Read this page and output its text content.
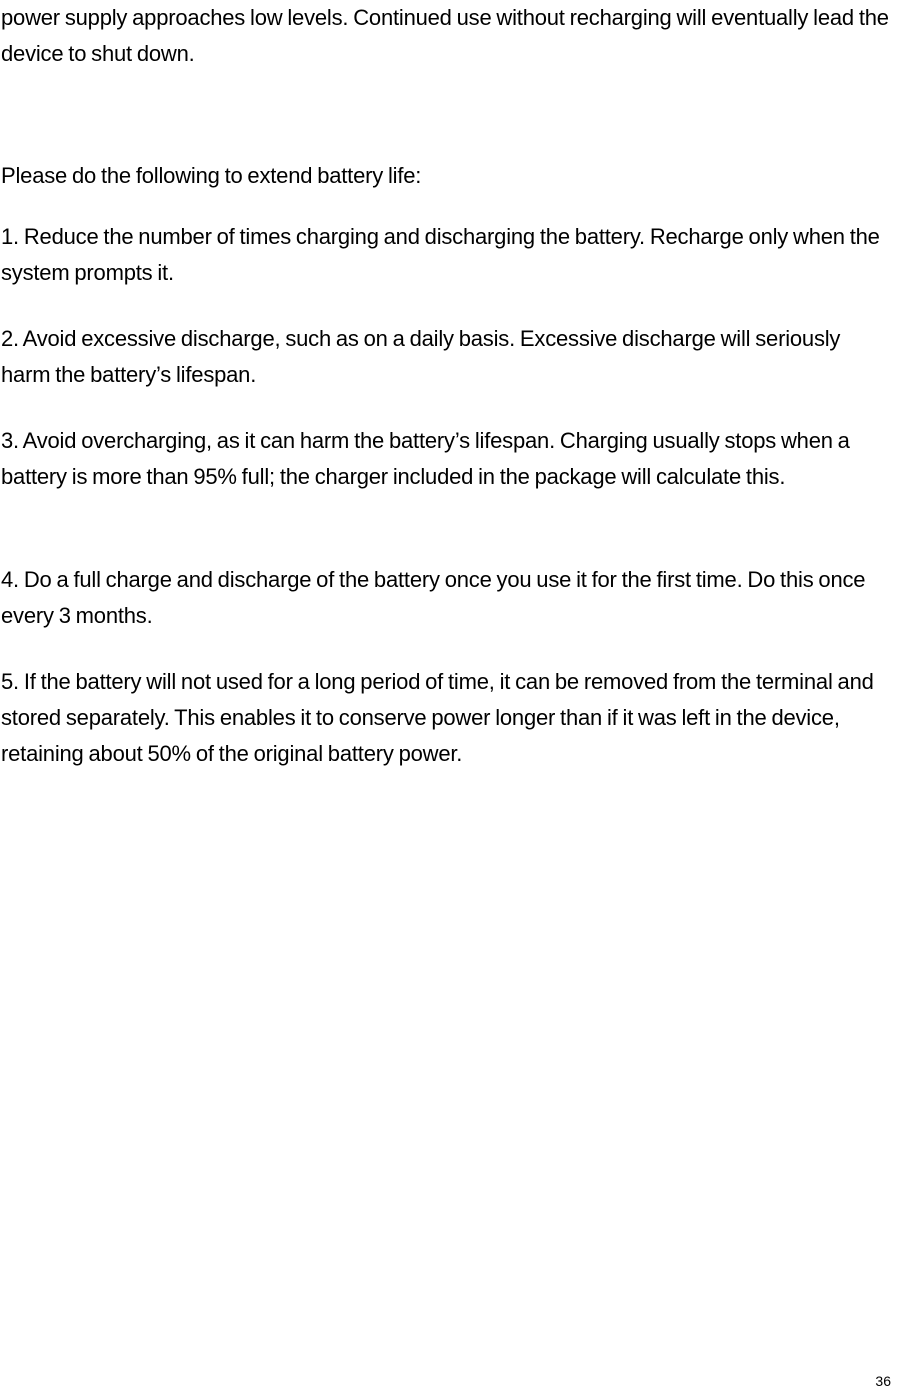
power supply approaches low levels. Continued use without recharging will eventually lead the device to shut down.

Please do the following to extend battery life:

1. Reduce the number of times charging and discharging the battery. Recharge only when the system prompts it.

2. Avoid excessive discharge, such as on a daily basis. Excessive discharge will seriously harm the battery’s lifespan.

3. Avoid overcharging, as it can harm the battery’s lifespan. Charging usually stops when a battery is more than 95% full; the charger included in the package will calculate this.

4. Do a full charge and discharge of the battery once you use it for the first time. Do this once every 3 months.

5. If the battery will not used for a long period of time, it can be removed from the terminal and stored separately. This enables it to conserve power longer than if it was left in the device, retaining about 50% of the original battery power.

36
